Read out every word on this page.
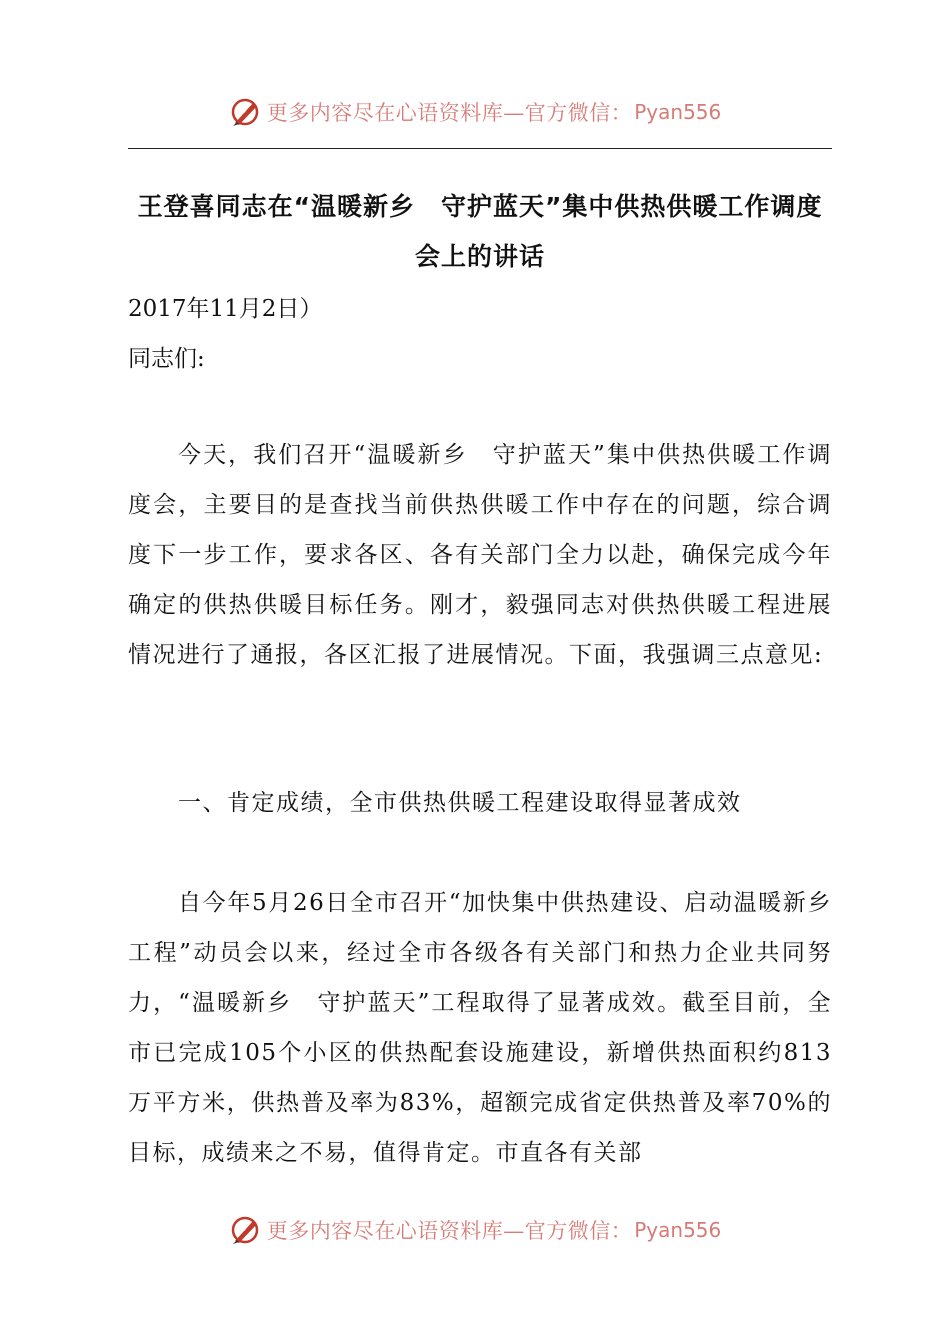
更多内容尽在心语资料库—官方微信： Pyan556
王登喜同志在“温暖新乡　守护蓝天”集中供热供暖工作调度
会上的讲话

2017年11月2日）

同志们:

今天，我们召开“温暖新乡　守护蓝天”集中供热供暖工作调度会，主要目的是查找当前供热供暖工作中存在的问题，综合调度下一步工作，要求各区、各有关部门全力以赴，确保完成今年确定的供热供暖目标任务。刚才，毅强同志对供热供暖工程进展情况进行了通报，各区汇报了进展情况。下面，我强调三点意见:

一、肯定成绩，全市供热供暖工程建设取得显著成效

自今年5月26日全市召开“加快集中供热建设、启动温暖新乡工程”动员会以来，经过全市各级各有关部门和热力企业共同努力，“温暖新乡　守护蓝天”工程取得了显著成效。截至目前，全市已完成105个小区的供热配套设施建设，新增供热面积约813万平方米，供热普及率为83%，超额完成省定供热普及率70%的目标，成绩来之不易，值得肯定。市直各有关部

更多内容尽在心语资料库—官方微信： Pyan556
